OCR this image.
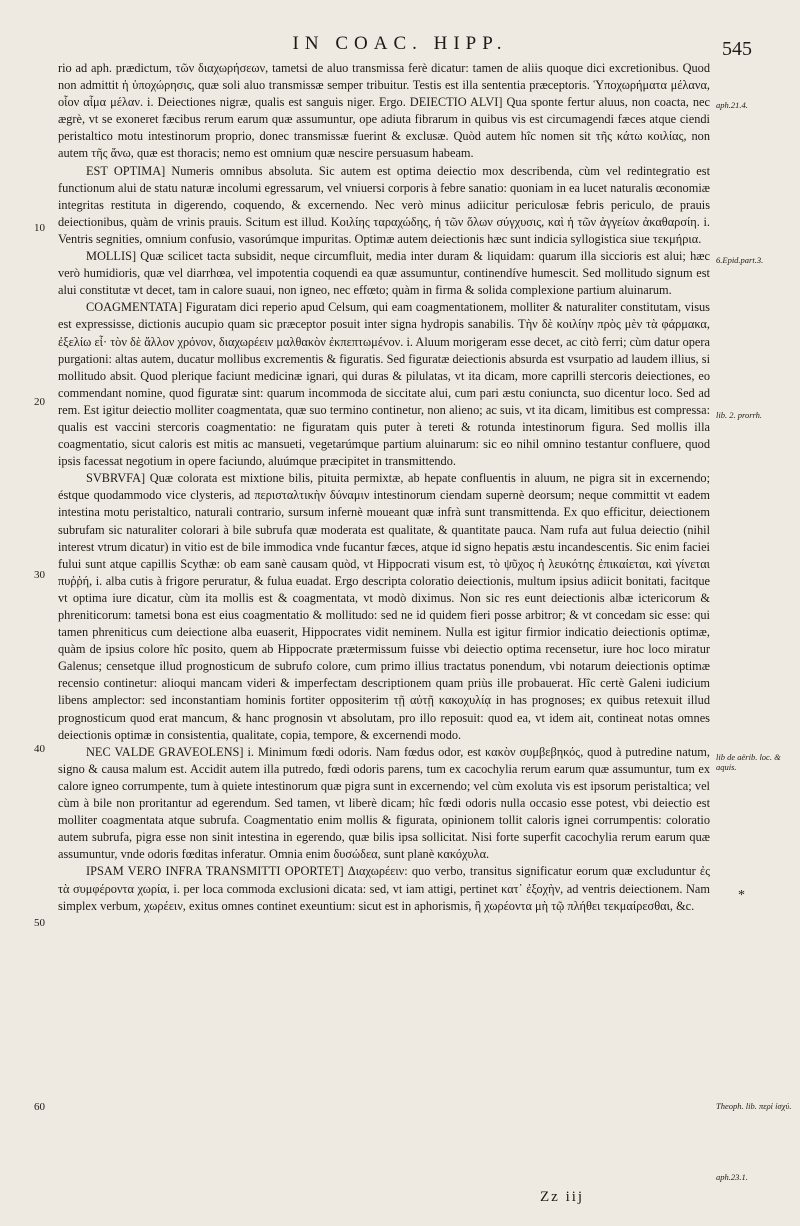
IN COAC. HIPP.	545

rio ad aph. prædictum, τῶν διαχωρήσεων, tametsi de aluo transmissa ferè dicatur: tamen de aliis quoque dici excretionibus. Quod non admittit ἡ ὑποχώρησις, quæ soli aluo transmissæ semper tribuitur. Testis est illa sententia præceptoris. Ὑποχωρήματα μέλανα, οἷον αἷμα μέλαν. i. Deiectiones nigræ, qualis est sanguis niger. Ergo. DEIECTIO ALVI] Qua sponte fertur aluus, non coacta, nec ægrè, vt se exoneret fæcibus rerum earum quæ assumuntur, ope adiuta fibrarum in quibus vis est circumagendi fæces atque ciendi peristaltico motu intestinorum proprio, donec transmissæ fuerint & exclusæ. Quòd autem hîc nomen sit τῆς κάτω κοιλίας, non autem τῆς ἄνω, quæ est thoracis; nemo est omnium quæ nescire persuasum habeam.

EST OPTIMA] Numeris omnibus absoluta. Sic autem est optima deiectio mox describenda, cùm vel redintegratio est functionum alui de statu naturæ incolumi egressarum, vel vniuersi corporis à febre sanatio: quoniam in ea lucet naturalis œconomiæ integritas restituta in digerendo, coquendo, & excernendo. Nec verò minus adiicitur periculosæ febris periculo, de prauis deiectionibus, quàm de vrinis prauis. Scitum est illud. Κοιλίης ταραχώδης, ἡ τῶν ὅλων σύγχυσις, καὶ ἡ τῶν ἀγγείων ἀκαθαρσίη. i. Ventris segnities, omnium confusio, vasorúmque impuritas. Optimæ autem deiectionis hæc sunt indicia syllogistica siue τεκμήρια.

MOLLIS] Quæ scilicet tacta subsidit, neque circumfluit, media inter duram & liquidam: quarum illa siccioris est alui; hæc verò humidioris, quæ vel diarrhœa, vel impotentia coquendi ea quæ assumuntur, continendíve humescit. Sed mollitudo signum est alui constitutæ vt decet, tam in calore suaui, non igneo, nec effœto; quàm in firma & solida complexione partium aluinarum.

COAGMENTATA] Figuratam dici reperio apud Celsum, qui eam coagmentationem, molliter & naturaliter constitutam, visus est expressisse, dictionis aucupio quam sic præceptor posuit inter signa hydropis sanabilis. Τὴν δὲ κοιλίην πρὸς μὲν τὰ φάρμακα, ἐξελίω εἶ· τὸν δὲ ἄλλον χρόνον, διαχωρέειν μαλθακὸν ἐκπεπτωμένον. i. Aluum morigeram esse decet, ac citò ferri; cùm datur opera purgationi: altas autem, ducatur mollibus excrementis & figuratis. Sed figuratæ deiectionis absurda est vsurpatio ad laudem illius, si mollitudo absit. Quod plerique faciunt medicinæ ignari, qui duras & pilulatas, vt ita dicam, more caprilli stercoris deiectiones, eo commendant nomine, quod figuratæ sint: quarum incommoda de siccitate alui, cum pari æstu coniuncta, suo dicentur loco. Sed ad rem. Est igitur deiectio molliter coagmentata, quæ suo termino continetur, non alieno; ac suis, vt ita dicam, limitibus est compressa: qualis est vaccini stercoris coagmentatio: ne figuratam quis puter à tereti & rotunda intestinorum figura. Sed mollis illa coagmentatio, sicut caloris est mitis ac mansueti, vegetarúmque partium aluinarum: sic eo nihil omnino testantur confluere, quod ipsis facessat negotium in opere faciundo, aluúmque præcipitet in transmittendo.

SVBRVFA] Quæ colorata est mixtione bilis, pituita permixtæ, ab hepate confluentis in aluum, ne pigra sit in excernendo; éstque quodammodo vice clysteris, ad περισταλτικὴν δύναμιν intestinorum ciendam supernè deorsum; neque committit vt eadem intestina motu peristaltico, naturali contrario, sursum infernè moueant quæ infrà sunt transmittenda. Ex quo efficitur, deiectionem subrufam sic naturaliter colorari à bile subrufa quæ moderata est qualitate, & quantitate pauca. Nam rufa aut fulua deiectio (nihil interest vtrum dicatur) in vitio est de bile immodica vnde fucantur fæces, atque id signo hepatis æstu incandescentis. Sic enim faciei fului sunt atque capillis Scythæ: ob eam sanè causam quòd, vt Hippocrati visum est, τὸ ψῦχος ἡ λευκότης ἐπικαίεται, καὶ γίνεται πυῤῥή, i. alba cutis à frigore peruratur, & fulua euadat. Ergo descripta coloratio deiectionis, multum ipsius adiicit bonitati, facitque vt optima iure dicatur, cùm ita mollis est & coagmentata, vt modò diximus. Non sic res eunt deiectionis albæ ictericorum & phreniticorum: tametsi bona est eius coagmentatio & mollitudo: sed ne id quidem fieri posse arbitror; & vt concedam sic esse: qui tamen phreniticus cum deiectione alba euaserit, Hippocrates vidit neminem. Nulla est igitur firmior indicatio deiectionis optimæ, quàm de ipsius colore hîc posito, quem ab Hippocrate prætermissum fuisse vbi deiectio optima recensetur, iure hoc loco miratur Galenus; censetque illud prognosticum de subrufo colore, cum primo illius tractatus ponendum, vbi notarum deiectionis optimæ recensio continetur: alioqui mancam videri & imperfectam descriptionem quam priùs ille probauerat. Hîc certè Galeni iudicium libens amplector: sed inconstantiam hominis fortiter oppositerim τῇ αὐτῇ κακοχυλίᾳ in has prognoses; ex quibus retexuit illud prognosticum quod erat mancum, & hanc prognosin vt absolutam, pro illo reposuit: quod ea, vt idem ait, contineat notas omnes deiectionis optimæ in consistentia, qualitate, copia, tempore, & excernendi modo.

NEC VALDE GRAVEOLENS] i. Minimum fœdi odoris. Nam fœdus odor, est κακὸν συμβεβηκός, quod à putredine natum, signo & causa malum est. Accidit autem illa putredo, fœdi odoris parens, tum ex cacochylia rerum earum quæ assumuntur, tum ex calore igneo corrumpente, tum à quiete intestinorum quæ pigra sunt in excernendo; vel cùm exoluta vis est ipsorum peristaltica; vel cùm à bile non proritantur ad egerendum. Sed tamen, vt liberè dicam; hîc fœdi odoris nulla occasio esse potest, vbi deiectio est molliter coagmentata atque subrufa. Coagmentatio enim mollis & figurata, opinionem tollit caloris ignei corrumpentis: coloratio autem subrufa, pigra esse non sinit intestina in egerendo, quæ bilis ipsa sollicitat. Nisi forte superfit cacochylia rerum earum quæ assumuntur, vnde odoris fœditas inferatur. Omnia enim δυσώδεα, sunt planè κακόχυλα.

IPSAM VERO INFRA TRANSMITTI OPORTET] Διαχωρέειν: quo verbo, transitus significatur eorum quæ excluduntur ἐς τὰ συμφέροντα χωρία, i. per loca commoda exclusioni dicata: sed, vt iam attigi, pertinet κατ᾽ ἐξοχὴν, ad ventris deiectionem. Nam simplex verbum, χωρέειν, exitus omnes continet exeuntium: sicut est in aphorismis, ἢ χωρέοντα μὴ τῷ πλήθει τεκμαίρεσθαι, &c.

10
20
30
40
50
60
aph.21.4.
6.Epid.part.3.
lib. 2. prorrh.
lib de aërib. loc. & aquis.
*
Theoph. lib. περὶ ἰσχύ.
aph.23.1.
Zz iij
